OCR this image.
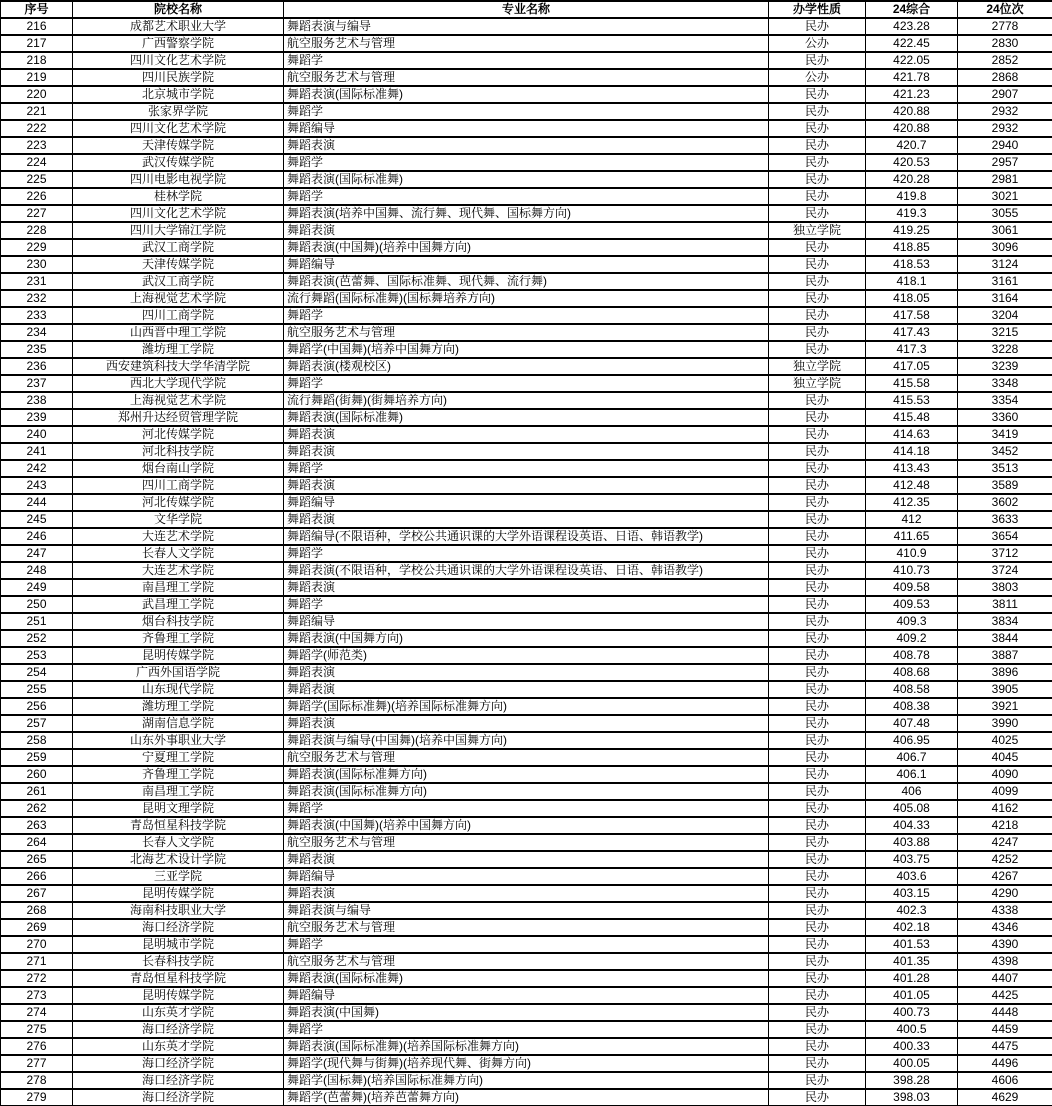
序号	院校名称	专业名称	办学性质	24综合	24位次
216	成都艺术职业大学	舞蹈表演与编导	民办	423.28	2778
217	广西警察学院	航空服务艺术与管理	公办	422.45	2830
218	四川文化艺术学院	舞蹈学	民办	422.05	2852
219	四川民族学院	航空服务艺术与管理	公办	421.78	2868
220	北京城市学院	舞蹈表演(国际标准舞)	民办	421.23	2907
221	张家界学院	舞蹈学	民办	420.88	2932
222	四川文化艺术学院	舞蹈编导	民办	420.88	2932
223	天津传媒学院	舞蹈表演	民办	420.7	2940
224	武汉传媒学院	舞蹈学	民办	420.53	2957
225	四川电影电视学院	舞蹈表演(国际标准舞)	民办	420.28	2981
226	桂林学院	舞蹈学	民办	419.8	3021
227	四川文化艺术学院	舞蹈表演(培养中国舞、流行舞、现代舞、国标舞方向)	民办	419.3	3055
228	四川大学锦江学院	舞蹈表演	独立学院	419.25	3061
229	武汉工商学院	舞蹈表演(中国舞)(培养中国舞方向)	民办	418.85	3096
230	天津传媒学院	舞蹈编导	民办	418.53	3124
231	武汉工商学院	舞蹈表演(芭蕾舞、国际标准舞、现代舞、流行舞)	民办	418.1	3161
232	上海视觉艺术学院	流行舞蹈(国际标准舞)(国标舞培养方向)	民办	418.05	3164
233	四川工商学院	舞蹈学	民办	417.58	3204
234	山西晋中理工学院	航空服务艺术与管理	民办	417.43	3215
235	潍坊理工学院	舞蹈学(中国舞)(培养中国舞方向)	民办	417.3	3228
236	西安建筑科技大学华清学院	舞蹈表演(楼观校区)	独立学院	417.05	3239
237	西北大学现代学院	舞蹈学	独立学院	415.58	3348
238	上海视觉艺术学院	流行舞蹈(街舞)(街舞培养方向)	民办	415.53	3354
239	郑州升达经贸管理学院	舞蹈表演(国际标准舞)	民办	415.48	3360
240	河北传媒学院	舞蹈表演	民办	414.63	3419
241	河北科技学院	舞蹈表演	民办	414.18	3452
242	烟台南山学院	舞蹈学	民办	413.43	3513
243	四川工商学院	舞蹈表演	民办	412.48	3589
244	河北传媒学院	舞蹈编导	民办	412.35	3602
245	文华学院	舞蹈表演	民办	412	3633
246	大连艺术学院	舞蹈编导(不限语种，学校公共通识课的大学外语课程设英语、日语、韩语教学)	民办	411.65	3654
247	长春人文学院	舞蹈学	民办	410.9	3712
248	大连艺术学院	舞蹈表演(不限语种，学校公共通识课的大学外语课程设英语、日语、韩语教学)	民办	410.73	3724
249	南昌理工学院	舞蹈表演	民办	409.58	3803
250	武昌理工学院	舞蹈学	民办	409.53	3811
251	烟台科技学院	舞蹈编导	民办	409.3	3834
252	齐鲁理工学院	舞蹈表演(中国舞方向)	民办	409.2	3844
253	昆明传媒学院	舞蹈学(师范类)	民办	408.78	3887
254	广西外国语学院	舞蹈表演	民办	408.68	3896
255	山东现代学院	舞蹈表演	民办	408.58	3905
256	潍坊理工学院	舞蹈学(国际标准舞)(培养国际标准舞方向)	民办	408.38	3921
257	湖南信息学院	舞蹈表演	民办	407.48	3990
258	山东外事职业大学	舞蹈表演与编导(中国舞)(培养中国舞方向)	民办	406.95	4025
259	宁夏理工学院	航空服务艺术与管理	民办	406.7	4045
260	齐鲁理工学院	舞蹈表演(国际标准舞方向)	民办	406.1	4090
261	南昌理工学院	舞蹈表演(国际标准舞方向)	民办	406	4099
262	昆明文理学院	舞蹈学	民办	405.08	4162
263	青岛恒星科技学院	舞蹈表演(中国舞)(培养中国舞方向)	民办	404.33	4218
264	长春人文学院	航空服务艺术与管理	民办	403.88	4247
265	北海艺术设计学院	舞蹈表演	民办	403.75	4252
266	三亚学院	舞蹈编导	民办	403.6	4267
267	昆明传媒学院	舞蹈表演	民办	403.15	4290
268	海南科技职业大学	舞蹈表演与编导	民办	402.3	4338
269	海口经济学院	航空服务艺术与管理	民办	402.18	4346
270	昆明城市学院	舞蹈学	民办	401.53	4390
271	长春科技学院	航空服务艺术与管理	民办	401.35	4398
272	青岛恒星科技学院	舞蹈表演(国际标准舞)	民办	401.28	4407
273	昆明传媒学院	舞蹈编导	民办	401.05	4425
274	山东英才学院	舞蹈表演(中国舞)	民办	400.73	4448
275	海口经济学院	舞蹈学	民办	400.5	4459
276	山东英才学院	舞蹈表演(国际标准舞)(培养国际标准舞方向)	民办	400.33	4475
277	海口经济学院	舞蹈学(现代舞与街舞)(培养现代舞、街舞方向)	民办	400.05	4496
278	海口经济学院	舞蹈学(国标舞)(培养国际标准舞方向)	民办	398.28	4606
279	海口经济学院	舞蹈学(芭蕾舞)(培养芭蕾舞方向)	民办	398.03	4629
